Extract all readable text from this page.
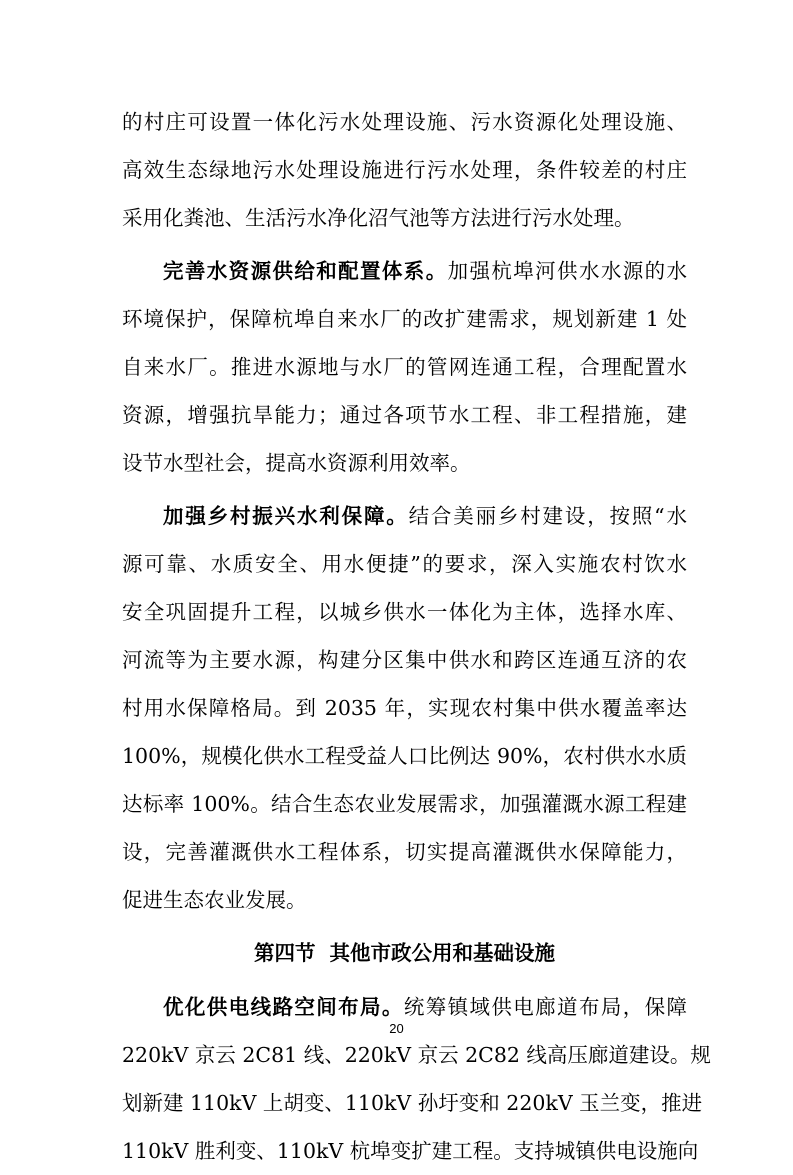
的村庄可设置一体化污水处理设施、污水资源化处理设施、
高效生态绿地污水处理设施进行污水处理，条件较差的村庄
采用化粪池、生活污水净化沼气池等方法进行污水处理。
完善水资源供给和配置体系。加强杭埠河供水水源的水
环境保护，保障杭埠自来水厂的改扩建需求，规划新建 1 处
自来水厂。推进水源地与水厂的管网连通工程，合理配置水
资源，增强抗旱能力；通过各项节水工程、非工程措施，建
设节水型社会，提高水资源利用效率。
加强乡村振兴水利保障。结合美丽乡村建设，按照“水
源可靠、水质安全、用水便捷”的要求，深入实施农村饮水
安全巩固提升工程，以城乡供水一体化为主体，选择水库、
河流等为主要水源，构建分区集中供水和跨区连通互济的农
村用水保障格局。到 2035 年，实现农村集中供水覆盖率达
100%，规模化供水工程受益人口比例达 90%，农村供水水质
达标率 100%。结合生态农业发展需求，加强灌溉水源工程建
设，完善灌溉供水工程体系，切实提高灌溉供水保障能力，
促进生态农业发展。
第四节 其他市政公用和基础设施
优化供电线路空间布局。统筹镇域供电廊道布局，保障
220kV 京云 2C81 线、220kV 京云 2C82 线高压廊道建设。规
划新建 110kV 上胡变、110kV 孙圩变和 220kV 玉兰变，推进
110kV 胜利变、110kV 杭埠变扩建工程。支持城镇供电设施向
20
